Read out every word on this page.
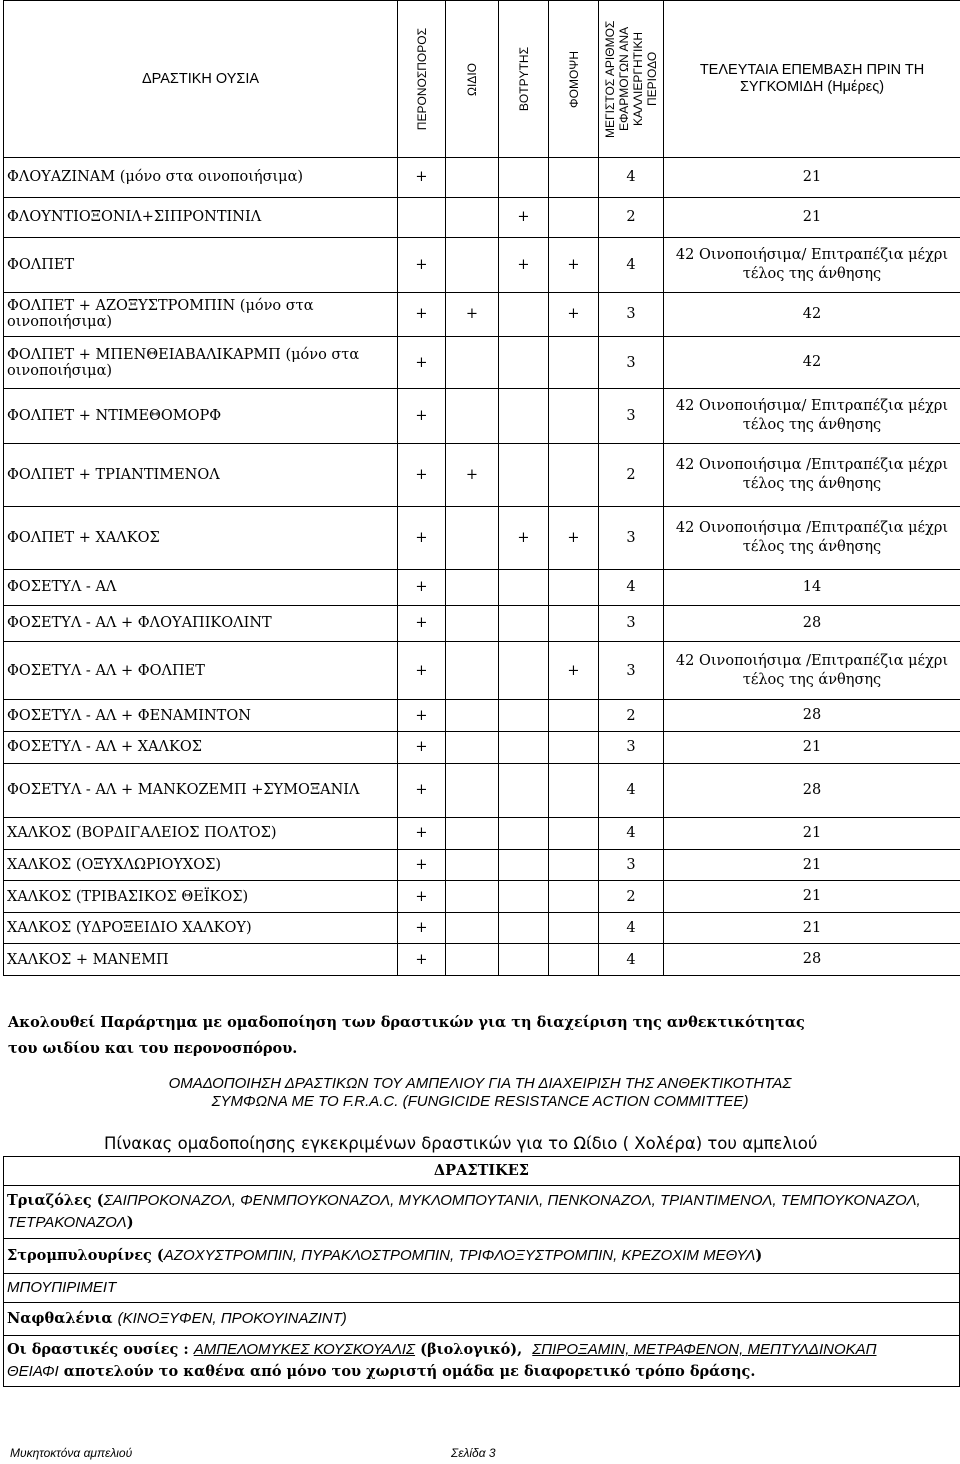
ΔΡΑΣΤΙΚΗ ΟΥΣΙΑ	ΠΕΡΟΝΟΣΠΟΡΟΣ	ΩΙΔΙΟ	ΒΟΤΡΥΤΗΣ	ΦΟΜΟΨΗ	ΜΕΓΙΣΤΟΣ ΑΡΙΘΜΟΣ ΕΦΑΡΜΟΓΩΝ ΑΝΑ ΚΑΛΛΙΕΡΓΗΤΙΚΗ ΠΕΡΙΟΔΟ	ΤΕΛΕΥΤΑΙΑ ΕΠΕΜΒΑΣΗ ΠΡΙΝ ΤΗ ΣΥΓΚΟΜΙΔΗ (Ημέρες)
ΦΛΟΥΑΖΙΝΑΜ (μόνο στα οινοποιήσιμα)	+				4	21
ΦΛΟΥΝΤΙΟΞΟΝΙΛ+ΣΙΠΡΟΝΤΙΝΙΛ			+		2	21
ΦΟΛΠΕΤ	+		+	+	4	42 Οινοποιήσιμα/ Επιτραπέζια μέχρι τέλος της άνθησης
ΦΟΛΠΕΤ + ΑΖΟΞΥΣΤΡΟΜΠΙΝ (μόνο στα οινοποιήσιμα)	+	+		+	3	42
ΦΟΛΠΕΤ + ΜΠΕΝΘΕΙΑΒΑΛΙΚΑΡΜΠ (μόνο στα οινοποιήσιμα)	+				3	42
ΦΟΛΠΕΤ + ΝΤΙΜΕΘΟΜΟΡΦ	+				3	42 Οινοποιήσιμα/ Επιτραπέζια μέχρι τέλος της άνθησης
ΦΟΛΠΕΤ + ΤΡΙΑΝΤΙΜΕΝΟΛ	+	+			2	42 Οινοποιήσιμα /Επιτραπέζια μέχρι τέλος της άνθησης
ΦΟΛΠΕΤ + ΧΑΛΚΟΣ	+		+	+	3	42 Οινοποιήσιμα /Επιτραπέζια μέχρι τέλος της άνθησης
ΦΟΣΕΤΥΛ - ΑΛ	+				4	14
ΦΟΣΕΤΥΛ - ΑΛ + ΦΛΟΥΑΠΙΚΟΛΙΝΤ	+				3	28
ΦΟΣΕΤΥΛ - ΑΛ + ΦΟΛΠΕΤ	+			+	3	42 Οινοποιήσιμα /Επιτραπέζια μέχρι τέλος της άνθησης
ΦΟΣΕΤΥΛ - ΑΛ + ΦΕΝΑΜΙΝΤΟΝ	+				2	28
ΦΟΣΕΤΥΛ - ΑΛ + ΧΑΛΚΟΣ	+				3	21
ΦΟΣΕΤΥΛ - ΑΛ + ΜΑΝΚΟΖΕΜΠ +ΣΥΜΟΞΑΝΙΛ	+				4	28
ΧΑΛΚΟΣ (ΒΟΡΔΙΓΑΛΕΙΟΣ ΠΟΛΤΟΣ)	+				4	21
ΧΑΛΚΟΣ (ΟΞΥΧΛΩΡΙΟΥΧΟΣ)	+				3	21
ΧΑΛΚΟΣ (ΤΡΙΒΑΣΙΚΟΣ ΘΕΪΚΟΣ)	+				2	21
ΧΑΛΚΟΣ (ΥΔΡΟΞΕΙΔΙΟ ΧΑΛΚΟΥ)	+				4	21
ΧΑΛΚΟΣ + ΜΑΝΕΜΠ	+				4	28
Ακολουθεί Παράρτημα με ομαδοποίηση των δραστικών για τη διαχείριση της ανθεκτικότητας
του ωιδίου και του περονοσπόρου.
ΟΜΑΔΟΠΟΙΗΣΗ ΔΡΑΣΤΙΚΩΝ ΤΟΥ ΑΜΠΕΛΙΟΥ ΓΙΑ ΤΗ ΔΙΑΧΕΙΡΙΣΗ ΤΗΣ ΑΝΘΕΚΤΙΚΟΤΗΤΑΣ
ΣΥΜΦΩΝΑ ΜΕ ΤΟ F.R.A.C. (FUNGICIDE RESISTANCE ACTION COMMITTEE)
Πίνακας ομαδοποίησης εγκεκριμένων δραστικών για το Ωίδιο ( Χολέρα) του αμπελιού
ΔΡΑΣΤΙΚΕΣ
Τριαζόλες (ΣΑΙΠΡΟΚΟΝΑΖΟΛ, ΦΕΝΜΠΟΥΚΟΝΑΖΟΛ, ΜΥΚΛΟΜΠΟΥΤΑΝΙΛ, ΠΕΝΚΟΝΑΖΟΛ, ΤΡΙΑΝΤΙΜΕΝΟΛ, ΤΕΜΠΟΥΚΟΝΑΖΟΛ, ΤΕΤΡΑΚΟΝΑΖΟΛ)
Στρομπυλουρίνες (ΑΖΟΧΥΣΤΡΟΜΠΙΝ, ΠΥΡΑΚΛΟΣΤΡΟΜΠΙΝ, ΤΡΙΦΛΟΞΥΣΤΡΟΜΠΙΝ, ΚΡΕΖΟΧΙΜ ΜΕΘΥΛ)
ΜΠΟΥΠΙΡΙΜΕΙΤ
Ναφθαλένια (ΚΙΝΟΞΥΦΕΝ, ΠΡΟΚΟΥΙΝΑΖΙΝΤ)
Οι δραστικές ουσίες : ΑΜΠΕΛΟΜΥΚΕΣ ΚΟΥΣΚΟΥΑΛΙΣ (βιολογικό), ΣΠΙΡΟΞΑΜΙΝ, ΜΕΤΡΑΦΕΝΟΝ, ΜΕΠΤΥΛΔΙΝΟΚΑΠ
ΘΕΙΑΦΙ αποτελούν το καθένα από μόνο του χωριστή ομάδα με διαφορετικό τρόπο δράσης.
Μυκητοκτόνα αμπελιού	Σελίδα 3
